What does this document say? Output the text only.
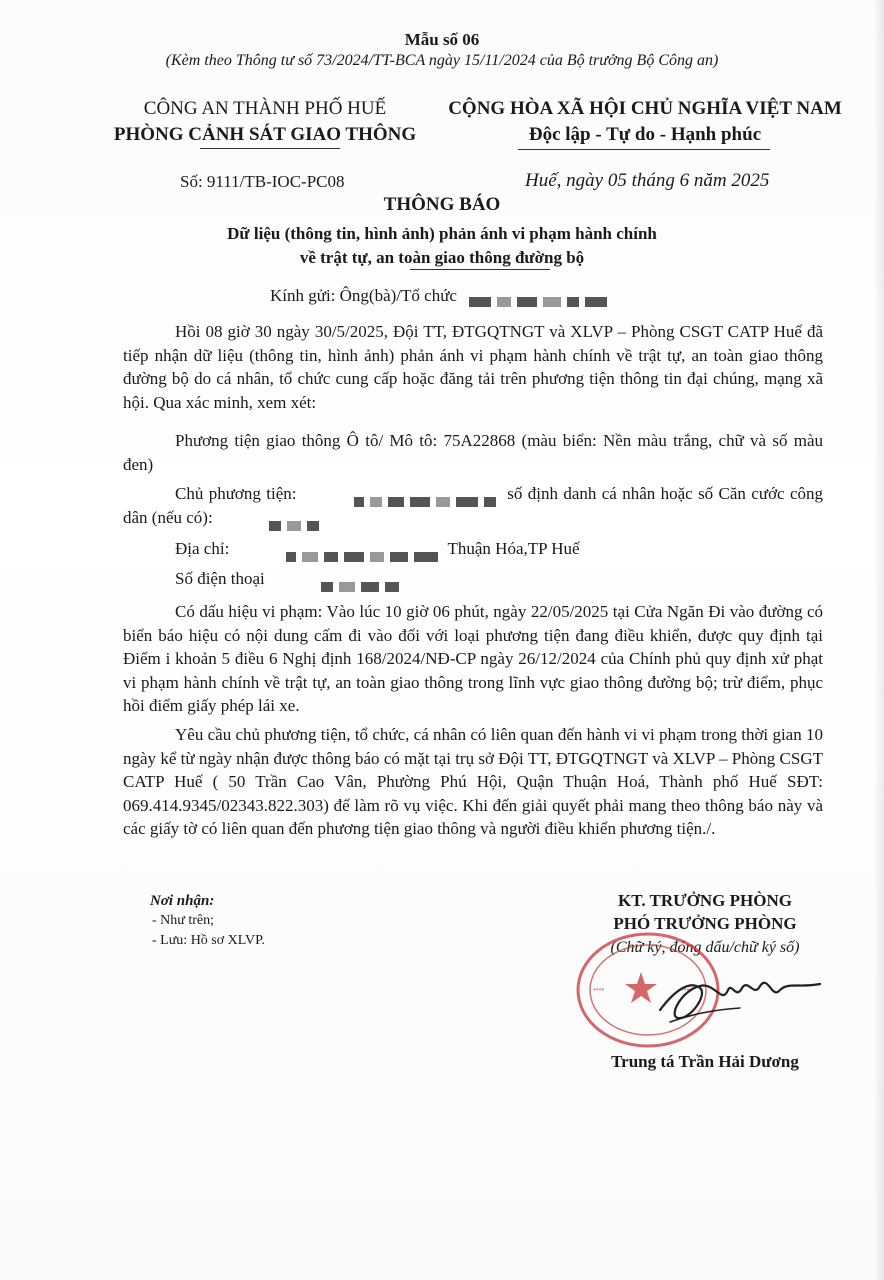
Mẫu số 06
(Kèm theo Thông tư số 73/2024/TT-BCA ngày 15/11/2024 của Bộ trưởng Bộ Công an)
CÔNG AN THÀNH PHỐ HUẾ
PHÒNG CẢNH SÁT GIAO THÔNG
CỘNG HÒA XÃ HỘI CHỦ NGHĨA VIỆT NAM
Độc lập - Tự do - Hạnh phúc
Số: 9111/TB-IOC-PC08	Huế, ngày 05 tháng 6 năm 2025
THÔNG BÁO
Dữ liệu (thông tin, hình ảnh) phản ánh vi phạm hành chính
về trật tự, an toàn giao thông đường bộ
Kính gửi: Ông(bà)/Tổ chức
Hồi 08 giờ 30 ngày 30/5/2025, Đội TT, ĐTGQTNGT và XLVP – Phòng CSGT CATP Huế đã tiếp nhận dữ liệu (thông tin, hình ảnh) phản ánh vi phạm hành chính về trật tự, an toàn giao thông đường bộ do cá nhân, tổ chức cung cấp hoặc đăng tải trên phương tiện thông tin đại chúng, mạng xã hội. Qua xác minh, xem xét:
Phương tiện giao thông Ô tô/ Mô tô: 75A22868 (màu biển: Nền màu trắng, chữ và số màu đen)
Chủ phương tiện:	số định danh cá nhân hoặc số Căn cước công dân (nếu có):
Địa chỉ:	Thuận Hóa,TP Huế
Số điện thoại
Có dấu hiệu vi phạm: Vào lúc 10 giờ 06 phút, ngày 22/05/2025 tại Cửa Ngăn Đi vào đường có biển báo hiệu có nội dung cấm đi vào đối với loại phương tiện đang điều khiển, được quy định tại Điểm i khoản 5 điều 6 Nghị định 168/2024/NĐ-CP ngày 26/12/2024 của Chính phủ quy định xử phạt vi phạm hành chính về trật tự, an toàn giao thông trong lĩnh vực giao thông đường bộ; trừ điểm, phục hồi điểm giấy phép lái xe.
Yêu cầu chủ phương tiện, tổ chức, cá nhân có liên quan đến hành vi vi phạm trong thời gian 10 ngày kể từ ngày nhận được thông báo có mặt tại trụ sở Đội TT, ĐTGQTNGT và XLVP – Phòng CSGT CATP Huế ( 50 Trần Cao Vân, Phường Phú Hội, Quận Thuận Hoá, Thành phố Huế SĐT: 069.414.9345/02343.822.303) để làm rõ vụ việc. Khi đến giải quyết phải mang theo thông báo này và các giấy tờ có liên quan đến phương tiện giao thông và người điều khiển phương tiện./.
Nơi nhận:
- Như trên;
- Lưu: Hồ sơ XLVP.
KT. TRƯỞNG PHÒNG
PHÓ TRƯỞNG PHÒNG
(Chữ ký, đóng dấu/chữ ký số)
••••	••••
Trung tá Trần Hải Dương
